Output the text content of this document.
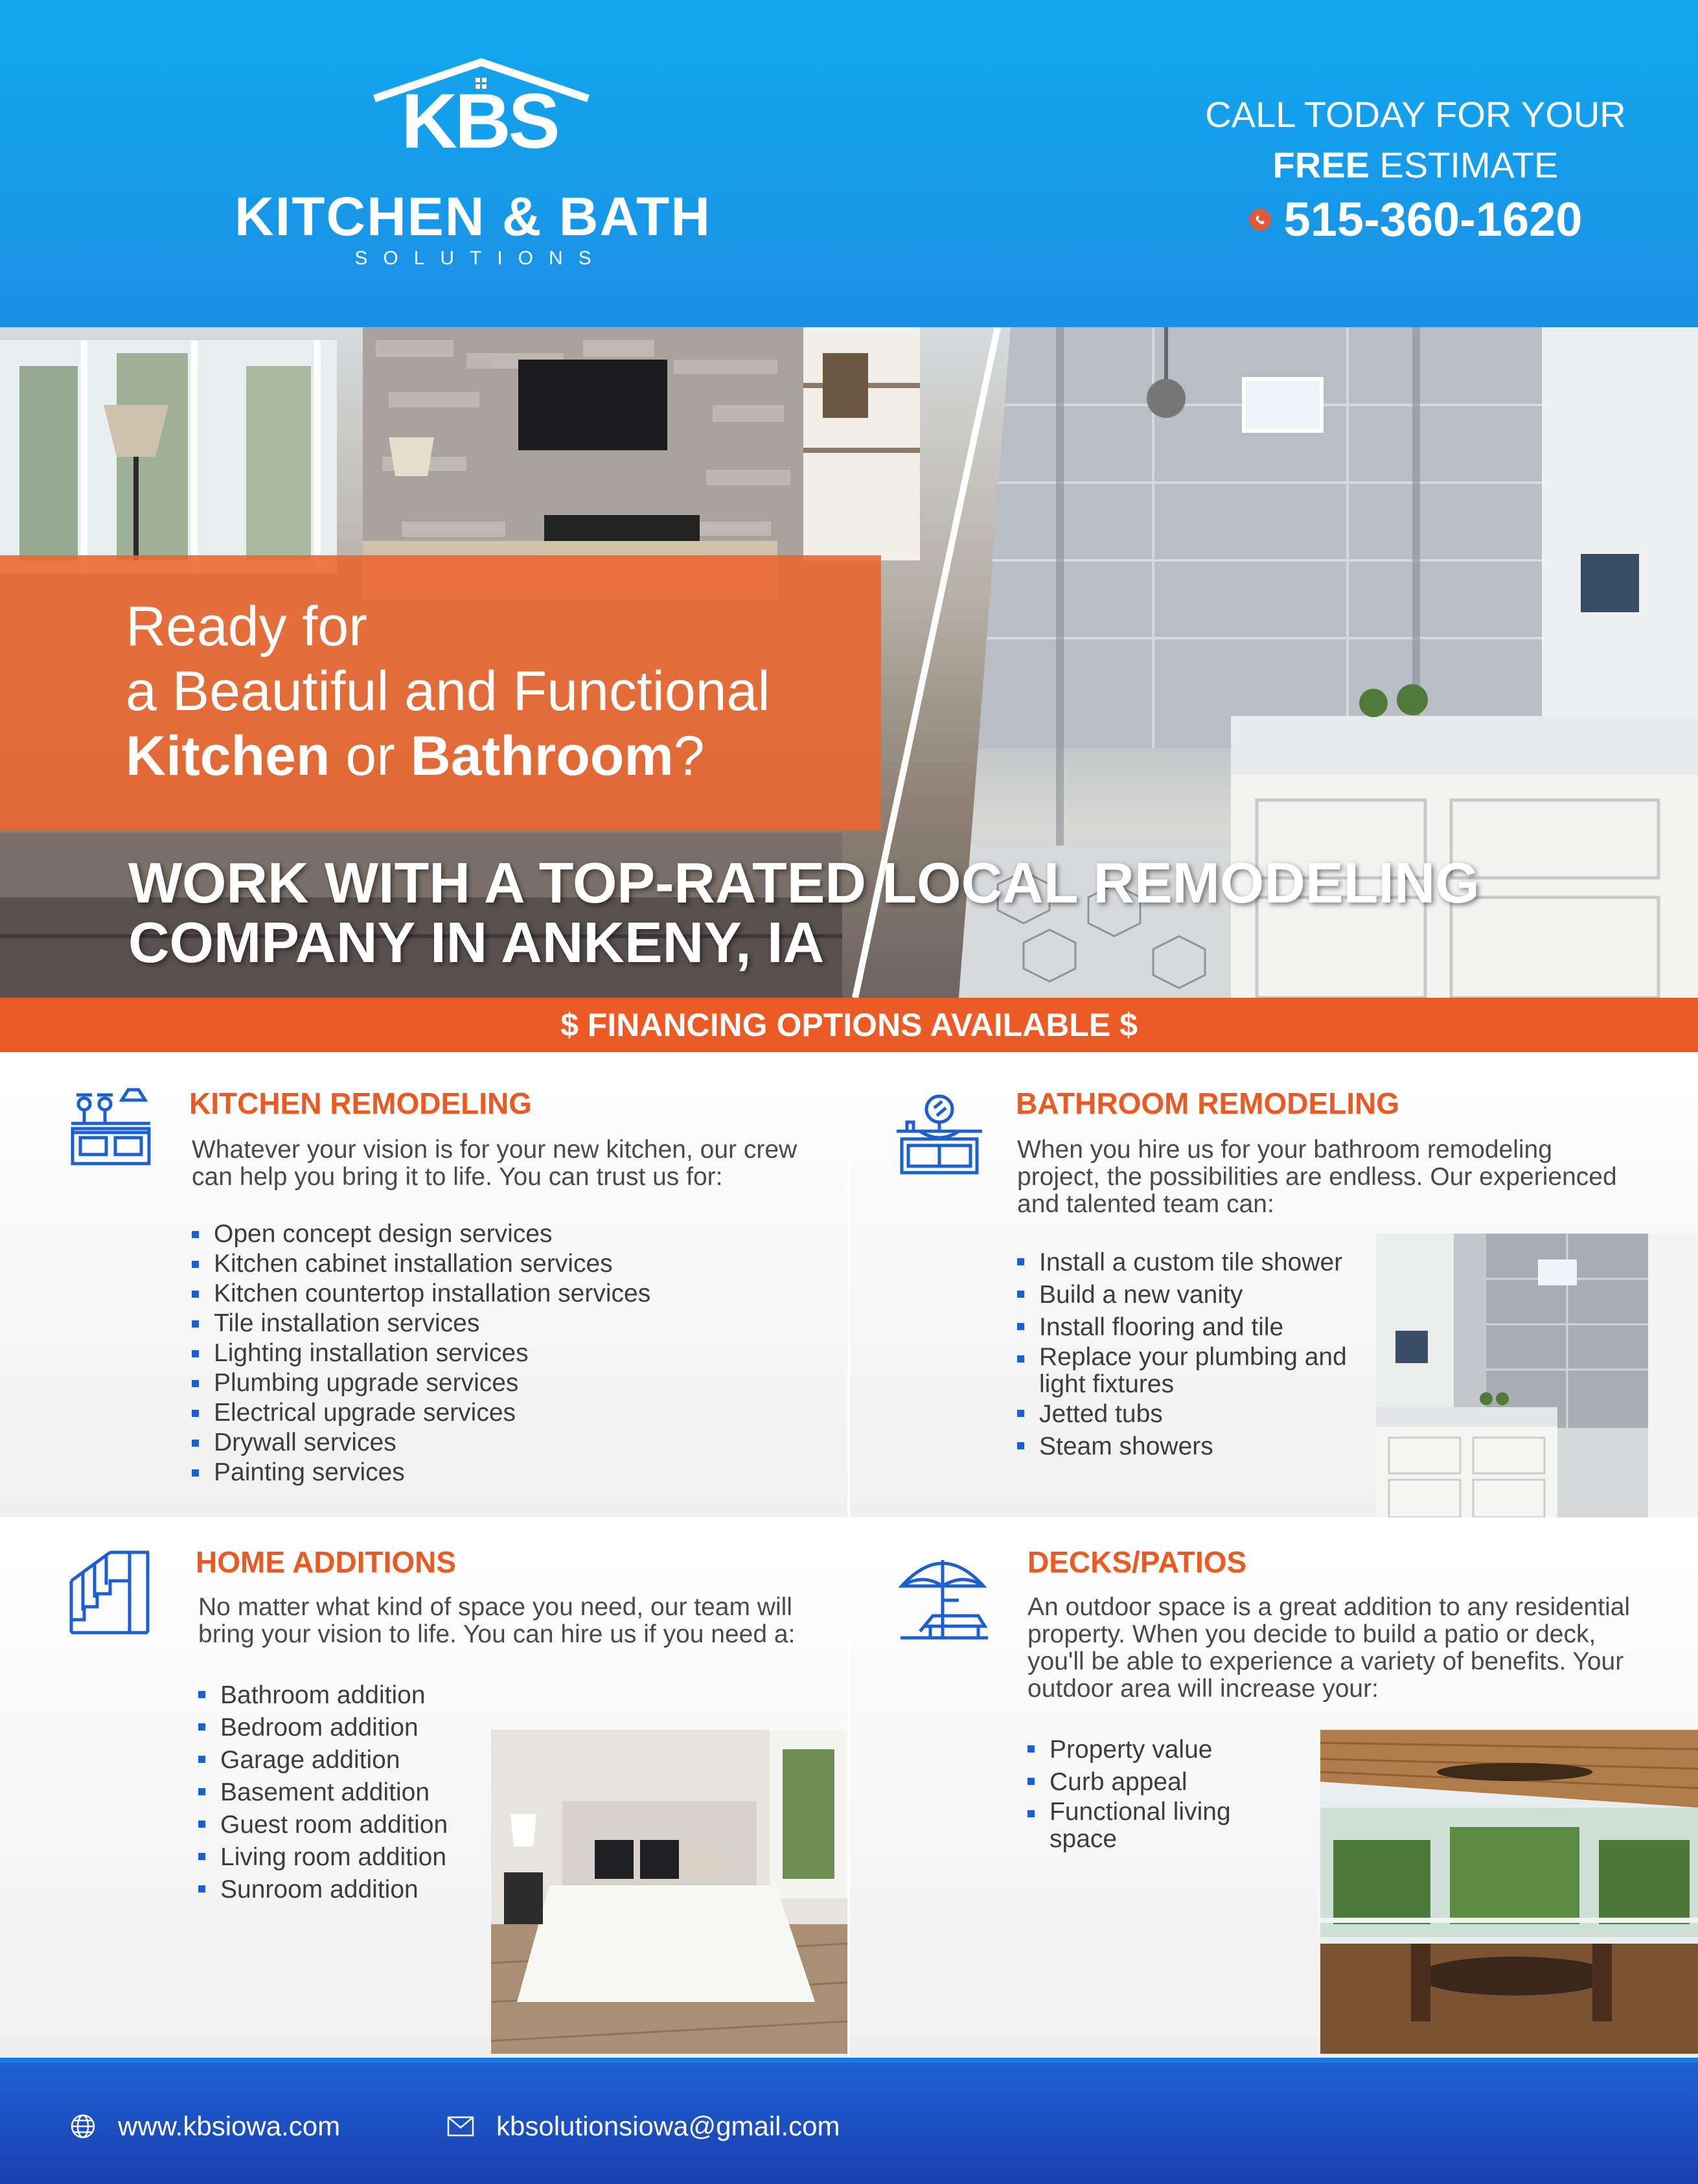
KBS
KITCHEN & BATH
SOLUTIONS
CALL TODAY FOR YOUR
FREE ESTIMATE
515-360-1620
Ready for
a Beautiful and Functional
Kitchen or Bathroom?
WORK WITH A TOP-RATED LOCAL REMODELING
COMPANY IN ANKENY, IA
$ FINANCING OPTIONS AVAILABLE $
KITCHEN REMODELING
Whatever your vision is for your new kitchen, our crew
can help you bring it to life. You can trust us for:
Open concept design services
Kitchen cabinet installation services
Kitchen countertop installation services
Tile installation services
Lighting installation services
Plumbing upgrade services
Electrical upgrade services
Drywall services
Painting services
BATHROOM REMODELING
When you hire us for your bathroom remodeling
project, the possibilities are endless. Our experienced
and talented team can:
Install a custom tile shower
Build a new vanity
Install flooring and tile
Replace your plumbing and
light fixtures
Jetted tubs
Steam showers
HOME ADDITIONS
No matter what kind of space you need, our team will
bring your vision to life. You can hire us if you need a:
Bathroom addition
Bedroom addition
Garage addition
Basement addition
Guest room addition
Living room addition
Sunroom addition
DECKS/PATIOS
An outdoor space is a great addition to any residential
property. When you decide to build a patio or deck,
you'll be able to experience a variety of benefits. Your
outdoor area will increase your:
Property value
Curb appeal
Functional living
space
www.kbsiowa.com	kbsolutionsiowa@gmail.com
